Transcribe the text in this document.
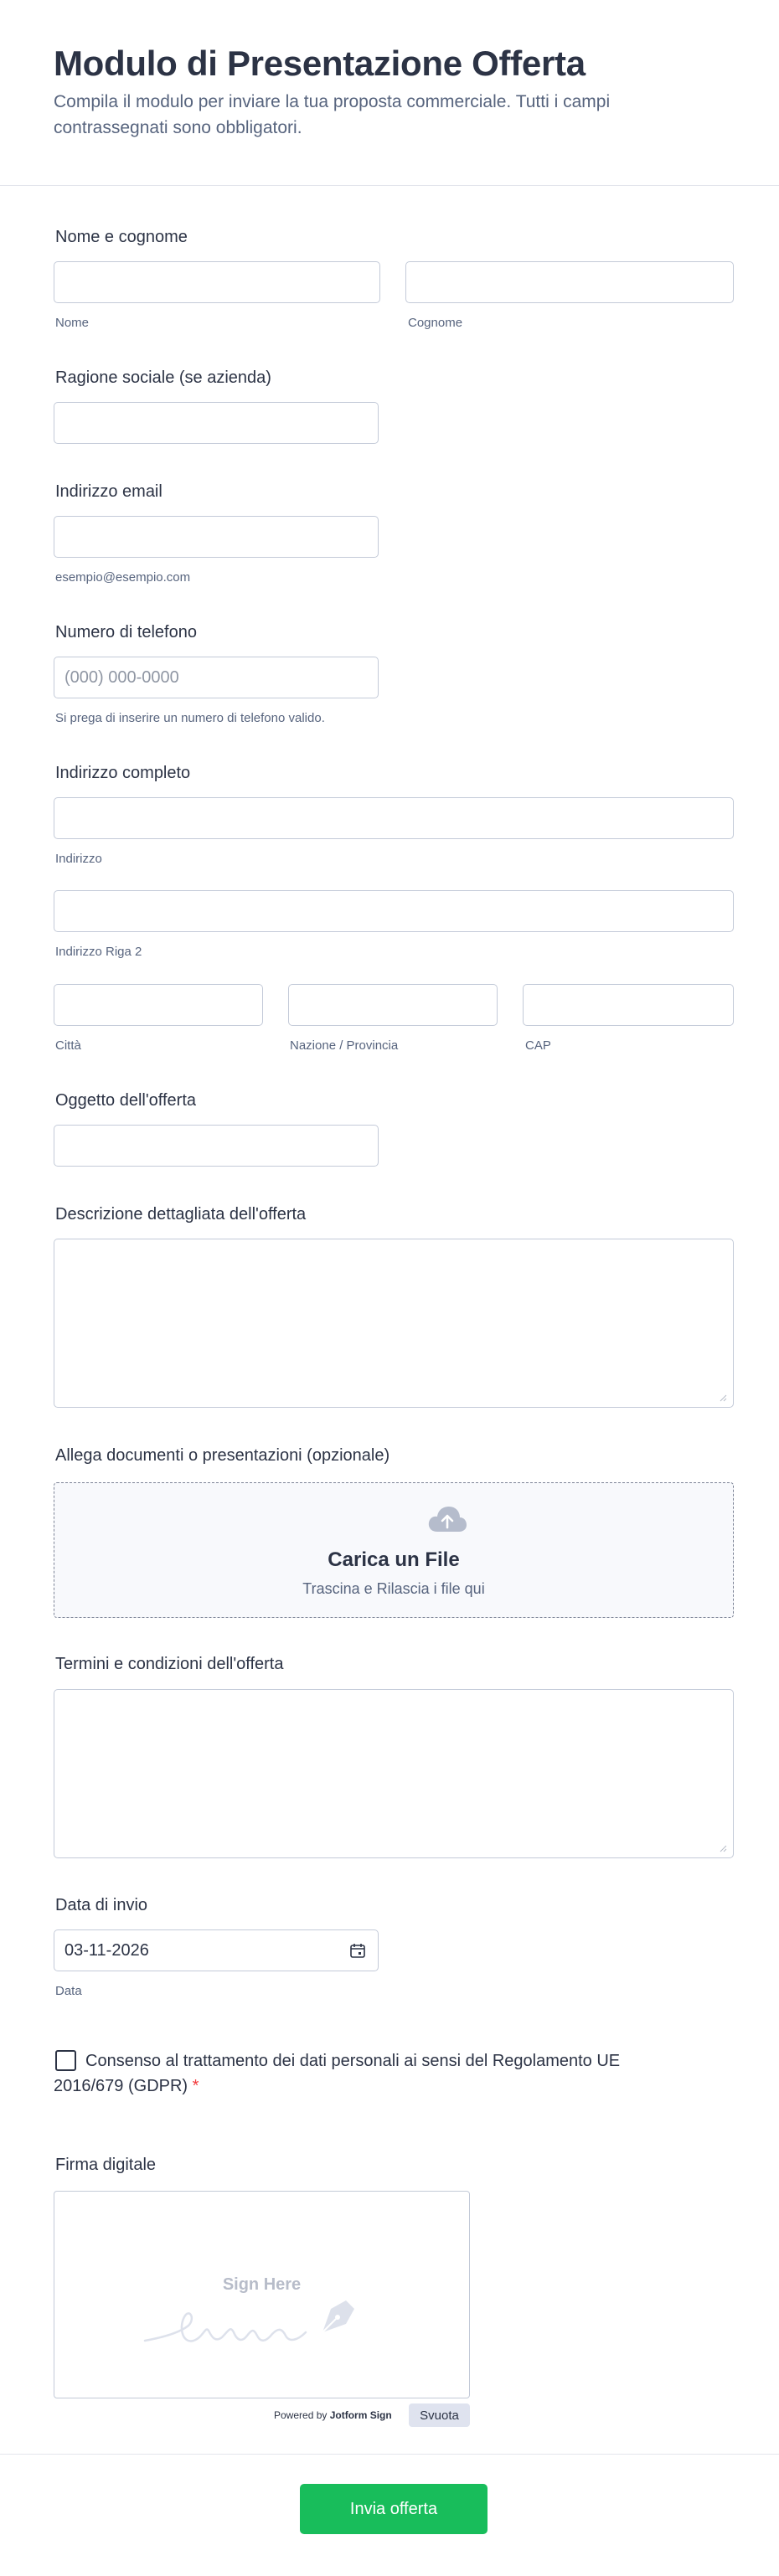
Modulo di Presentazione Offerta
Compila il modulo per inviare la tua proposta commerciale. Tutti i campi contrassegnati sono obbligatori.
Nome e cognome
Nome	Cognome
Ragione sociale (se azienda)
Indirizzo email
esempio@esempio.com
Numero di telefono
(000) 000-0000
Si prega di inserire un numero di telefono valido.
Indirizzo completo
Indirizzo
Indirizzo Riga 2
Città	Nazione / Provincia	CAP
Oggetto dell'offerta
Descrizione dettagliata dell'offerta
Allega documenti o presentazioni (opzionale)
Carica un File
Trascina e Rilascia i file qui
Termini e condizioni dell'offerta
Data di invio
03-11-2026
Data
Consenso al trattamento dei dati personali ai sensi del Regolamento UE 2016/679 (GDPR) *
Firma digitale
Sign Here
Powered by Jotform Sign	Svuota
Invia offerta
